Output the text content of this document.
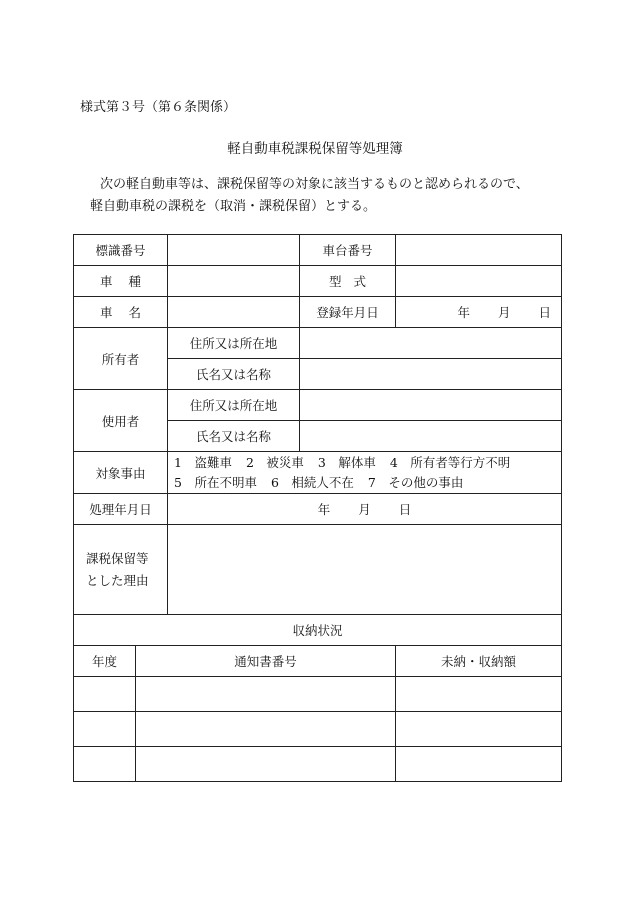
様式第３号（第６条関係）
軽自動車税課税保留等処理簿
次の軽自動車等は、課税保留等の対象に該当するものと認められるので、
軽自動車税の課税を（取消・課税保留）とする。
標識番号			車台番号	
車種			型式	
車名			登録年月日	年 月 日
所有者		住所又は所在地		
		氏名又は名称		
使用者		住所又は所在地		
		氏名又は名称		
対象事由		1　盗難車 2　被災車 3　解体車 4　所有者等行方不明
5　所在不明車 6　相続人不在 7　その他の事由		

処理年月日		年 月 日		

課税保留等
とした理由				

収納状況				
年度	通知書番号			未納・収納額
